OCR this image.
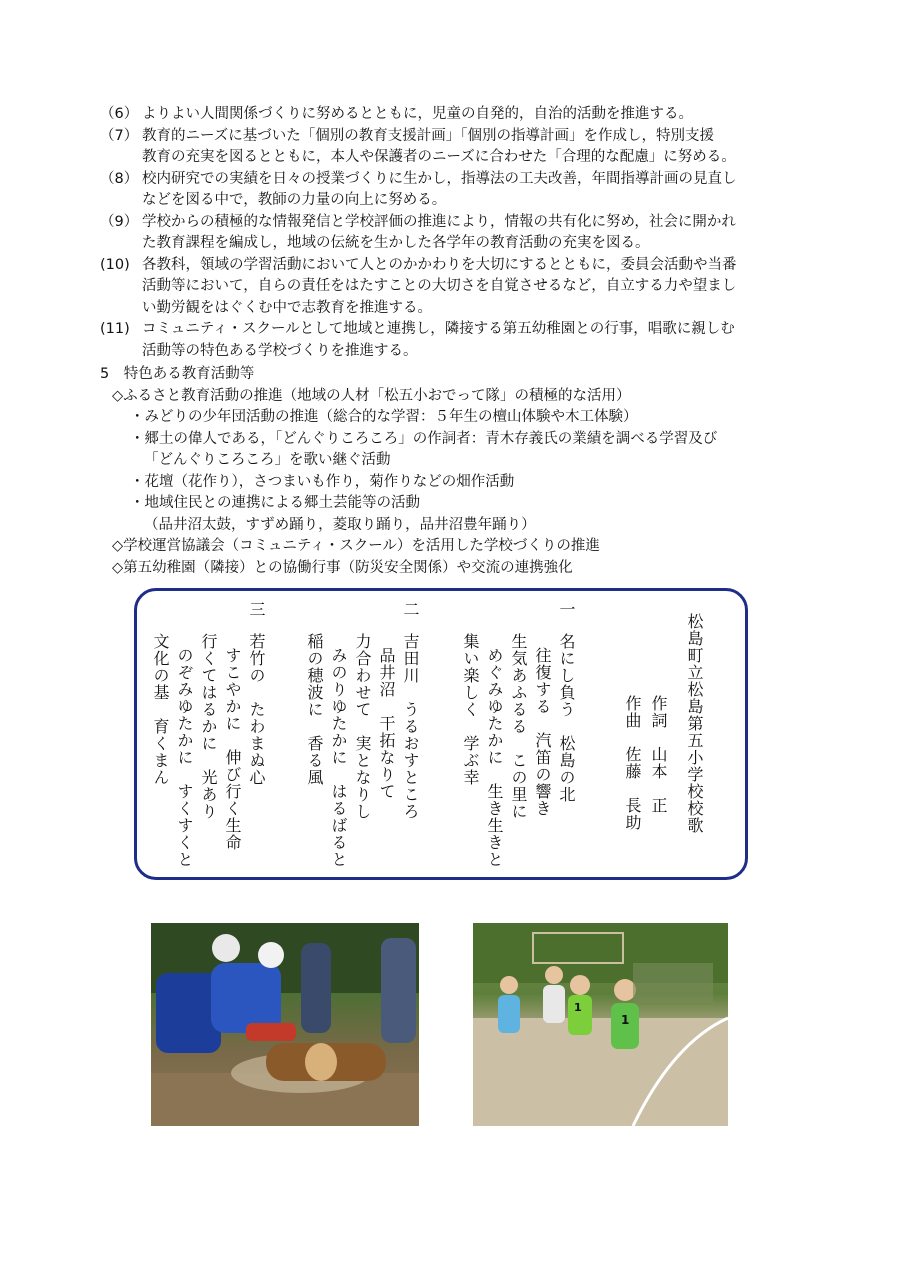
（6） よりよい人間関係づくりに努めるとともに，児童の自発的，自治的活動を推進する。
（7） 教育的ニーズに基づいた「個別の教育支援計画」「個別の指導計画」を作成し，特別支援
教育の充実を図るとともに，本人や保護者のニーズに合わせた「合理的な配慮」に努める。
（8） 校内研究での実績を日々の授業づくりに生かし，指導法の工夫改善，年間指導計画の見直し
などを図る中で，教師の力量の向上に努める。
（9） 学校からの積極的な情報発信と学校評価の推進により，情報の共有化に努め，社会に開かれ
た教育課程を編成し，地域の伝統を生かした各学年の教育活動の充実を図る。
(10) 各教科，領域の学習活動において人とのかかわりを大切にするとともに，委員会活動や当番
活動等において，自らの責任をはたすことの大切さを自覚させるなど，自立する力や望まし
い勤労観をはぐくむ中で志教育を推進する。
(11) コミュニティ・スクールとして地域と連携し，隣接する第五幼稚園との行事，唱歌に親しむ
活動等の特色ある学校づくりを推進する。
5　特色ある教育活動等
◇ふるさと教育活動の推進（地域の人材「松五小おでって隊」の積極的な活用）
・みどりの少年団活動の推進（総合的な学習：５年生の檀山体験や木工体験）
・郷土の偉人である，「どんぐりころころ」の作詞者：青木存義氏の業績を調べる学習及び
「どんぐりころころ」を歌い継ぐ活動
・花壇（花作り），さつまいも作り，菊作りなどの畑作活動
・地域住民との連携による郷土芸能等の活動
（品井沼太鼓，すずめ踊り，菱取り踊り，品井沼豊年踊り）
◇学校運営協議会（コミュニティ・スクール）を活用した学校づくりの推進
◇第五幼稚園（隣接）との協働行事（防災安全関係）や交流の連携強化
松島町立松島第五小学校校歌
作詞　山本　正
作曲　佐藤　長助
一
名にし負う　松島の北
往復する　汽笛の響き
生気あふるる　この里に
めぐみゆたかに　生き生きと
集い楽しく　学ぶ幸
二
吉田川　うるおすところ
品井沼　干拓なりて
力合わせて　実となりし
みのりゆたかに　はるばると
稲の穂波に　香る風
三
若竹の　たわまぬ心
すこやかに　伸び行く生命
行くてはるかに　光あり
のぞみゆたかに　すくすくと
文化の基　育くまん
1
1
